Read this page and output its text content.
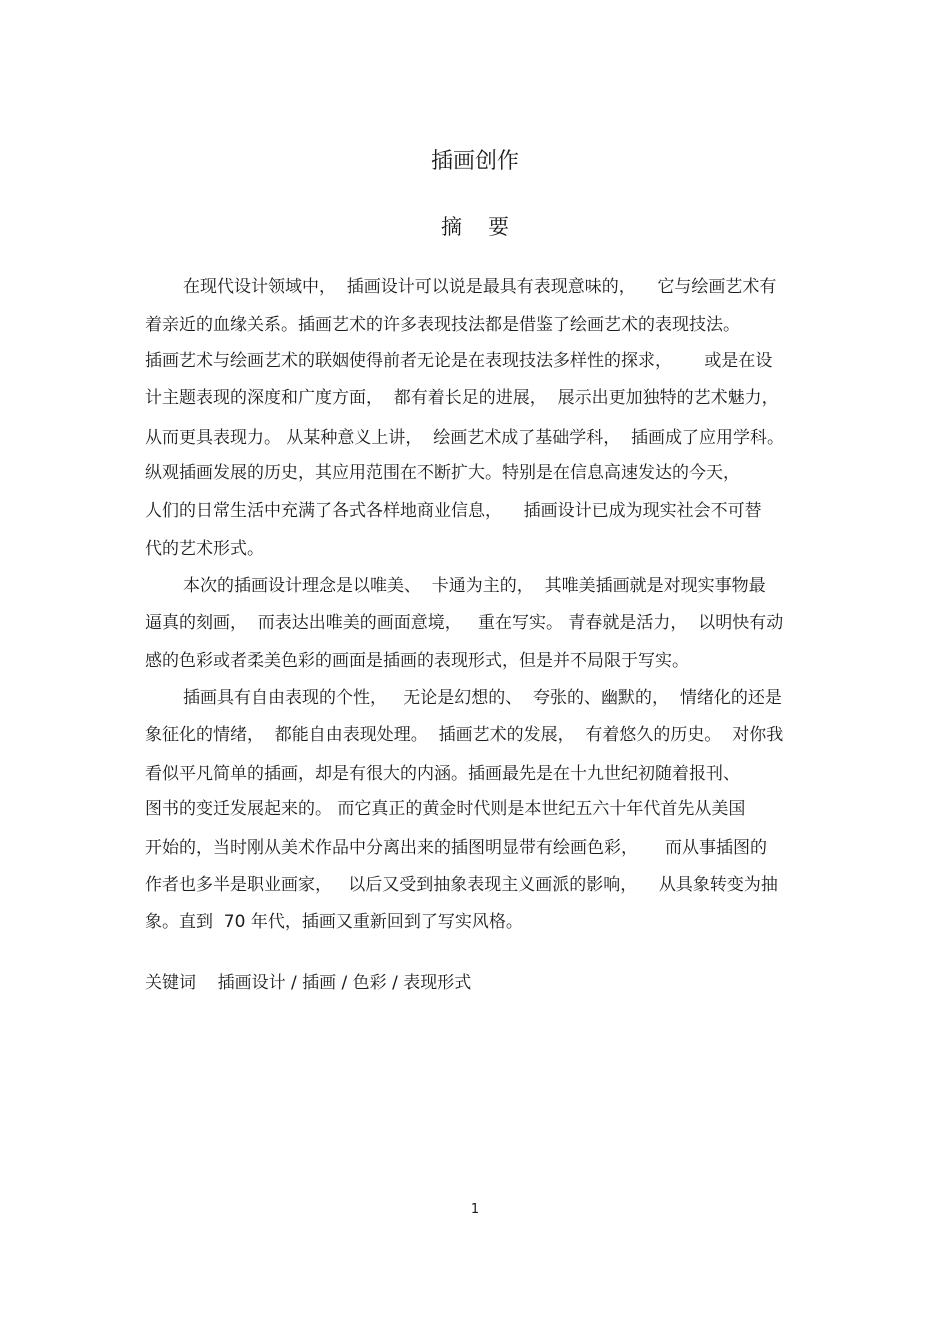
插画创作
摘要
在现代设计领域中，  插画设计可以说是最具有表现意味的，    它与绘画艺术有
着亲近的血缘关系。插画艺术的许多表现技法都是借鉴了绘画艺术的表现技法。
插画艺术与绘画艺术的联姻使得前者无论是在表现技法多样性的探求，      或是在设
计主题表现的深度和广度方面，  都有着长足的进展，  展示出更加独特的艺术魅力，
从而更具表现力。 从某种意义上讲，  绘画艺术成了基础学科，  插画成了应用学科。
纵观插画发展的历史，其应用范围在不断扩大。特别是在信息高速发达的今天，
人们的日常生活中充满了各式各样地商业信息，    插画设计已成为现实社会不可替
代的艺术形式。
本次的插画设计理念是以唯美、  卡通为主的，  其唯美插画就是对现实事物最
逼真的刻画，  而表达出唯美的画面意境，   重在写实。 青春就是活力，  以明快有动
感的色彩或者柔美色彩的画面是插画的表现形式，但是并不局限于写实。
插画具有自由表现的个性，   无论是幻想的、  夸张的、幽默的，  情绪化的还是
象征化的情绪，  都能自由表现处理。  插画艺术的发展，  有着悠久的历史。  对你我
看似平凡简单的插画，却是有很大的内涵。插画最先是在十九世纪初随着报刊、
图书的变迁发展起来的。 而它真正的黄金时代则是本世纪五六十年代首先从美国
开始的，当时刚从美术作品中分离出来的插图明显带有绘画色彩，     而从事插图的
作者也多半是职业画家，   以后又受到抽象表现主义画派的影响，    从具象转变为抽
象。直到  70 年代，插画又重新回到了写实风格。
关键词    插画设计 / 插画 / 色彩 / 表现形式
1
